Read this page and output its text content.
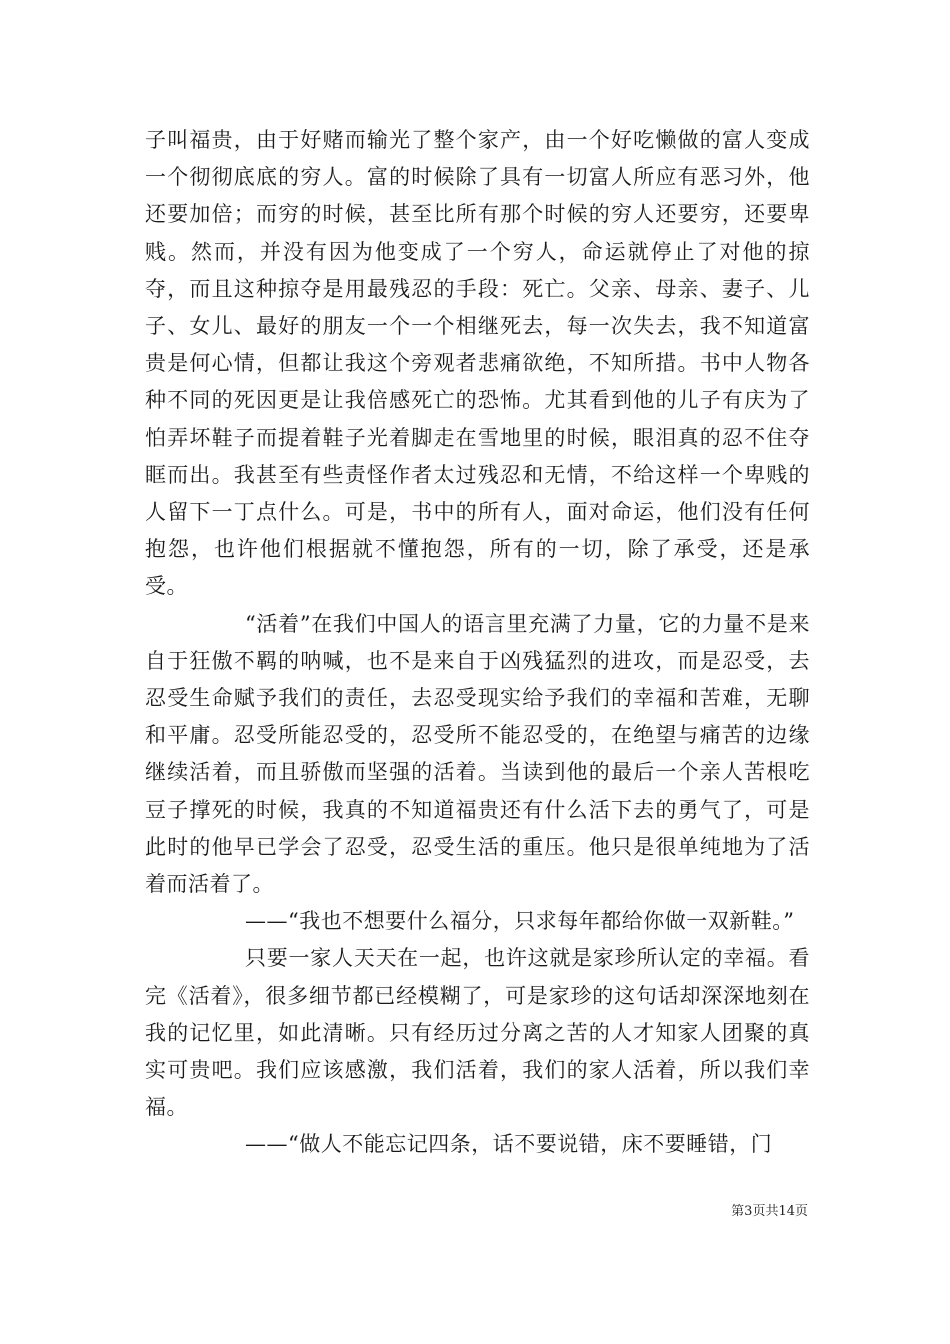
子叫福贵，由于好赌而输光了整个家产，由一个好吃懒做的富人变成一个彻彻底底的穷人。富的时候除了具有一切富人所应有恶习外，他还要加倍；而穷的时候，甚至比所有那个时候的穷人还要穷，还要卑贱。然而，并没有因为他变成了一个穷人，命运就停止了对他的掠夺，而且这种掠夺是用最残忍的手段：死亡。父亲、母亲、妻子、儿子、女儿、最好的朋友一个一个相继死去，每一次失去，我不知道富贵是何心情，但都让我这个旁观者悲痛欲绝，不知所措。书中人物各种不同的死因更是让我倍感死亡的恐怖。尤其看到他的儿子有庆为了怕弄坏鞋子而提着鞋子光着脚走在雪地里的时候，眼泪真的忍不住夺眶而出。我甚至有些责怪作者太过残忍和无情，不给这样一个卑贱的人留下一丁点什么。可是，书中的所有人，面对命运，他们没有任何抱怨，也许他们根据就不懂抱怨，所有的一切，除了承受，还是承受。

“活着”在我们中国人的语言里充满了力量，它的力量不是来自于狂傲不羁的呐喊，也不是来自于凶残猛烈的进攻，而是忍受，去忍受生命赋予我们的责任，去忍受现实给予我们的幸福和苦难，无聊和平庸。忍受所能忍受的，忍受所不能忍受的，在绝望与痛苦的边缘继续活着，而且骄傲而坚强的活着。当读到他的最后一个亲人苦根吃豆子撑死的时候，我真的不知道福贵还有什么活下去的勇气了，可是此时的他早已学会了忍受，忍受生活的重压。他只是很单纯地为了活着而活着了。

——“我也不想要什么福分，只求每年都给你做一双新鞋。”

只要一家人天天在一起，也许这就是家珍所认定的幸福。看完《活着》，很多细节都已经模糊了，可是家珍的这句话却深深地刻在我的记忆里，如此清晰。只有经历过分离之苦的人才知家人团聚的真实可贵吧。我们应该感激，我们活着，我们的家人活着，所以我们幸福。

——“做人不能忘记四条，话不要说错，床不要睡错，门

第3页共14页
